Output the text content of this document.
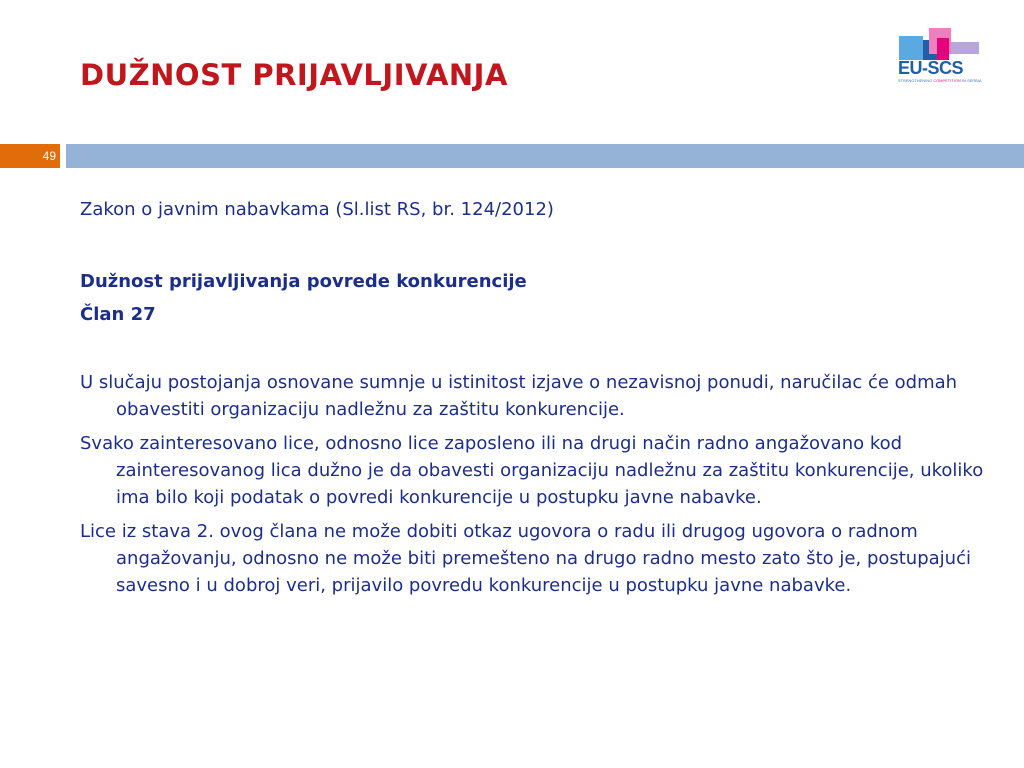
DUŽNOST PRIJAVLJIVANJA	EU-SCS
STRENGTHENING COMPETITION IN SERBIA
49

Zakon o javnim nabavkama (Sl.list RS, br. 124/2012)

Dužnost prijavljivanja povrede konkurencije

Član 27

U slučaju postojanja osnovane sumnje u istinitost izjave o nezavisnoj ponudi, naručilac će odmah obavestiti organizaciju nadležnu za zaštitu konkurencije.

Svako zainteresovano lice, odnosno lice zaposleno ili na drugi način radno angažovano kod zainteresovanog lica dužno je da obavesti organizaciju nadležnu za zaštitu konkurencije, ukoliko ima bilo koji podatak o povredi konkurencije u postupku javne nabavke.

Lice iz stava 2. ovog člana ne može dobiti otkaz ugovora o radu ili drugog ugovora o radnom angažovanju, odnosno ne može biti premešteno na drugo radno mesto zato što je, postupajući savesno i u dobroj veri, prijavilo povredu konkurencije u postupku javne nabavke.
